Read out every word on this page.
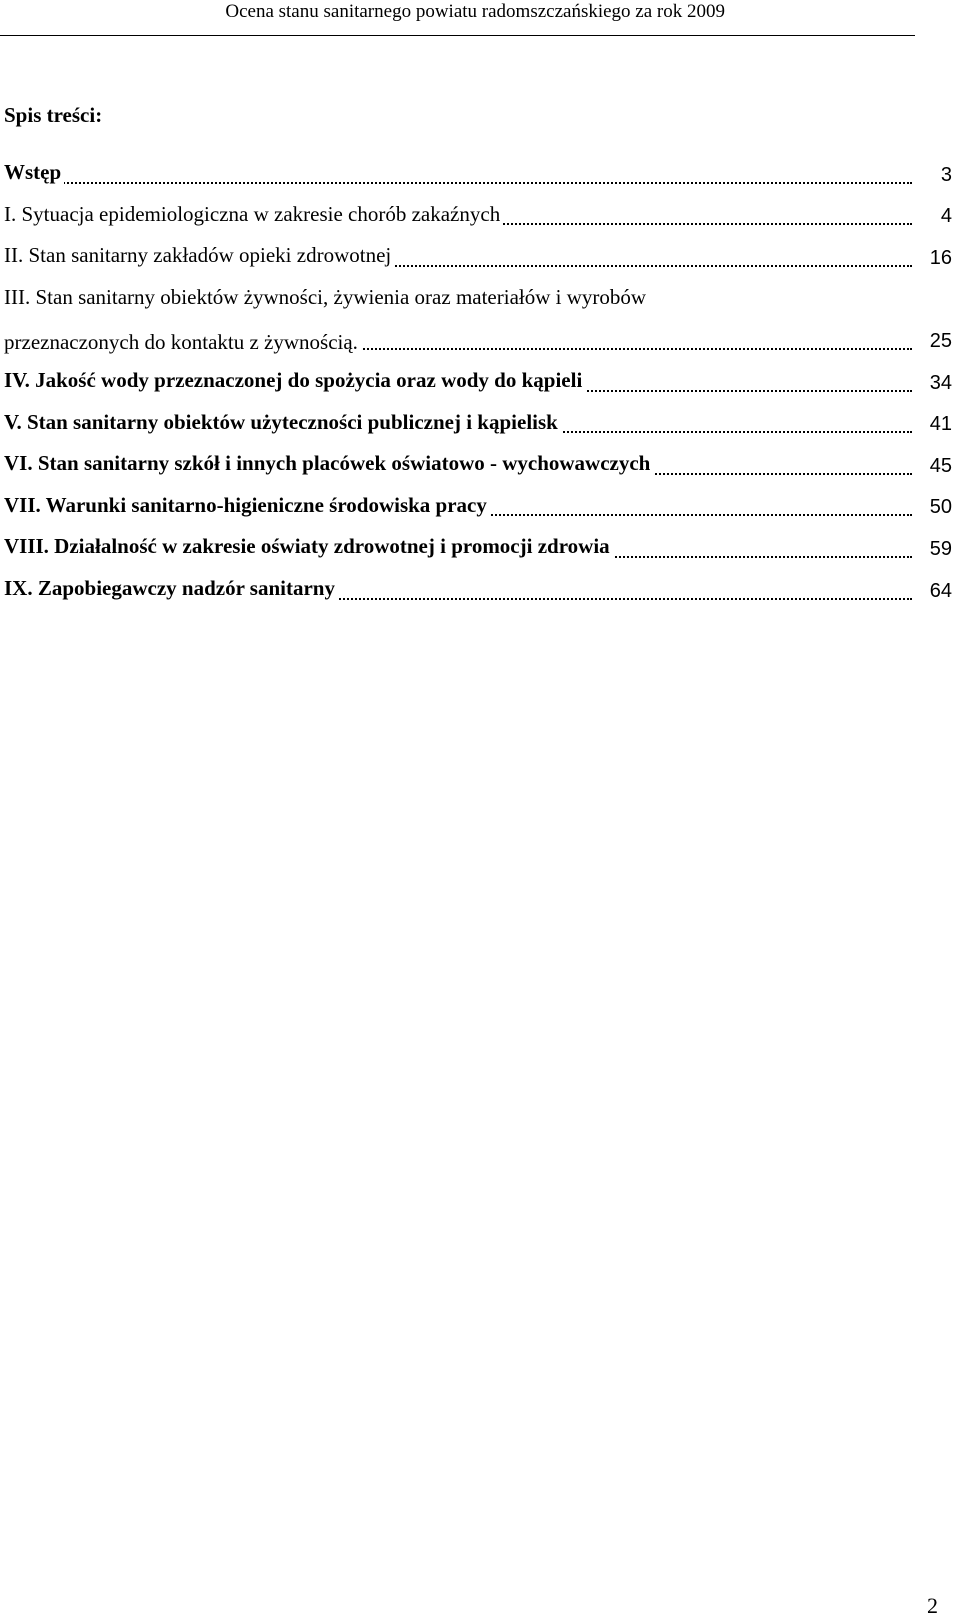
Ocena stanu sanitarnego powiatu radomszczańskiego za rok 2009
Spis treści:
Wstęp	3
I. Sytuacja epidemiologiczna w zakresie chorób zakaźnych	4
II. Stan sanitarny zakładów opieki zdrowotnej	16
III. Stan sanitarny obiektów żywności, żywienia oraz materiałów i wyrobów
przeznaczonych do kontaktu z żywnością.	25
IV. Jakość wody przeznaczonej do spożycia oraz wody do kąpieli	34
V. Stan sanitarny obiektów użyteczności publicznej i kąpielisk	41
VI. Stan sanitarny szkół i innych placówek oświatowo - wychowawczych	45
VII. Warunki sanitarno-higieniczne środowiska pracy	50
VIII. Działalność w zakresie oświaty zdrowotnej i promocji zdrowia	59
IX. Zapobiegawczy nadzór sanitarny	64
2
